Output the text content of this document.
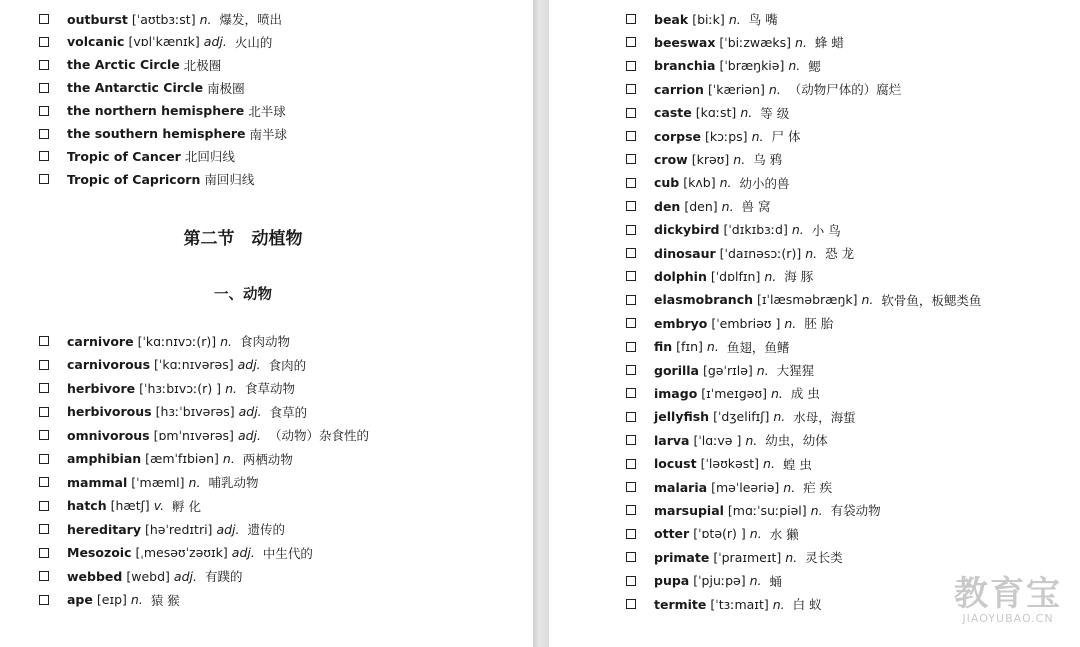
outburst [ˈaʊtbɜːst] n. 爆发，喷出
volcanic [vɒlˈkænɪk] adj. 火山的
the Arctic Circle 北极圈
the Antarctic Circle 南极圈
the northern hemisphere 北半球
the southern hemisphere 南半球
Tropic of Cancer 北回归线
Tropic of Capricorn 南回归线
第二节　动植物
一、动物
carnivore [ˈkɑːnɪvɔː(r)] n. 食肉动物
carnivorous [ˈkɑːnɪvərəs] adj. 食肉的
herbivore [ˈhɜːbɪvɔː(r) ] n. 食草动物
herbivorous [hɜːˈbɪvərəs] adj. 食草的
omnivorous [ɒmˈnɪvərəs] adj. （动物）杂食性的
amphibian [æmˈfɪbiən] n. 两栖动物
mammal [ˈmæml] n. 哺乳动物
hatch [hætʃ] v. 孵 化
hereditary [həˈredɪtri] adj. 遗传的
Mesozoic [ˌmesəʊˈzəʊɪk] adj. 中生代的
webbed [webd] adj. 有蹼的
ape [eɪp] n. 猿 猴
beak [biːk] n. 鸟 嘴
beeswax [ˈbiːzwæks] n. 蜂 蜡
branchia [ˈbræŋkiə] n. 鳃
carrion [ˈkæriən] n. （动物尸体的）腐烂
caste [kɑːst] n. 等 级
corpse [kɔːps] n. 尸 体
crow [krəʊ] n. 乌 鸦
cub [kʌb] n. 幼小的兽
den [den] n. 兽 窝
dickybird [ˈdɪkɪbɜːd] n. 小 鸟
dinosaur [ˈdaɪnəsɔː(r)] n. 恐 龙
dolphin [ˈdɒlfɪn] n. 海 豚
elasmobranch [ɪˈlæsməbræŋk] n. 软骨鱼，板鳃类鱼
embryo [ˈembriəʊ ] n. 胚 胎
fin [fɪn] n. 鱼翅，鱼鳍
gorilla [gəˈrɪlə] n. 大猩猩
imago [ɪˈmeɪgəʊ] n. 成 虫
jellyfish [ˈdʒelifɪʃ] n. 水母，海蜇
larva [ˈlɑːvə ] n. 幼虫，幼体
locust [ˈləʊkəst] n. 蝗 虫
malaria [məˈleəriə] n. 疟 疾
marsupial [mɑːˈsuːpiəl] n. 有袋动物
otter [ˈɒtə(r) ] n. 水 獭
primate [ˈpraɪmeɪt] n. 灵长类
pupa [ˈpjuːpə] n. 蛹
termite [ˈtɜːmaɪt] n. 白 蚁	教育宝
JIAOYUBAO.CN
